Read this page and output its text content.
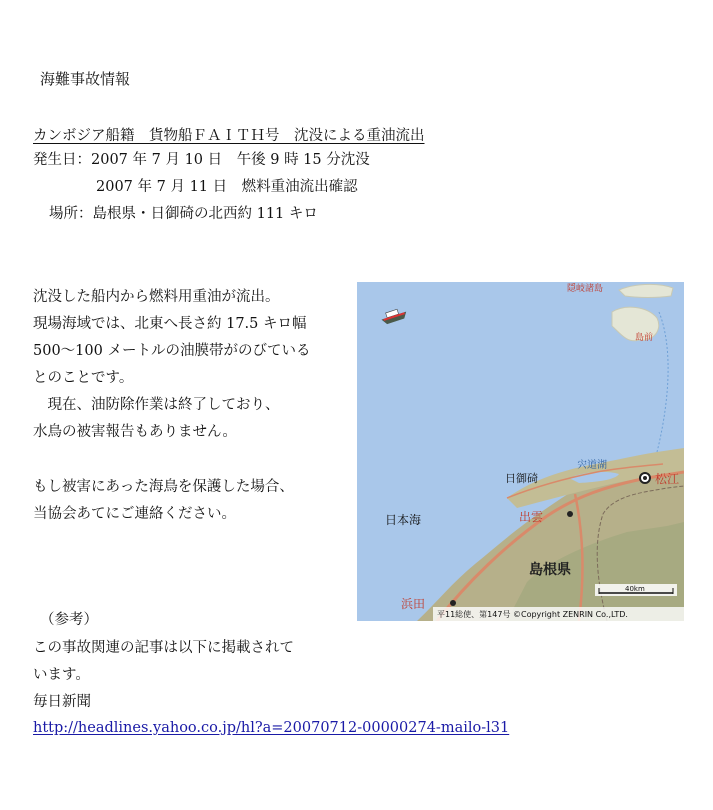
海難事故情報
カンボジア船籍　貨物船ＦＡＩＴＨ号　沈没による重油流出
発生日：2007 年 7 月 10 日　午後 9 時 15 分沈没
2007 年 7 月 11 日　燃料重油流出確認
場所：島根県・日御碕の北西約 111 キロ
沈没した船内から燃料用重油が流出。
現場海域では、北東へ長さ約 17.5 キロ幅
500〜100 メートルの油膜帯がのびている
とのことです。
　現在、油防除作業は終了しており、
水鳥の被害報告もありません。
もし被害にあった海鳥を保護した場合、
当協会あてにご連絡ください。
（参考）
この事故関連の記事は以下に掲載されて
います。
毎日新聞
http://headlines.yahoo.co.jp/hl?a=20070712-00000274-mailo-l31
隠岐諸島
島前
日御碕
日本海
松江
宍道湖
出雲
島根県
浜田
40km
平11総使、第147号 ©Copyright ZENRIN Co.,LTD.
